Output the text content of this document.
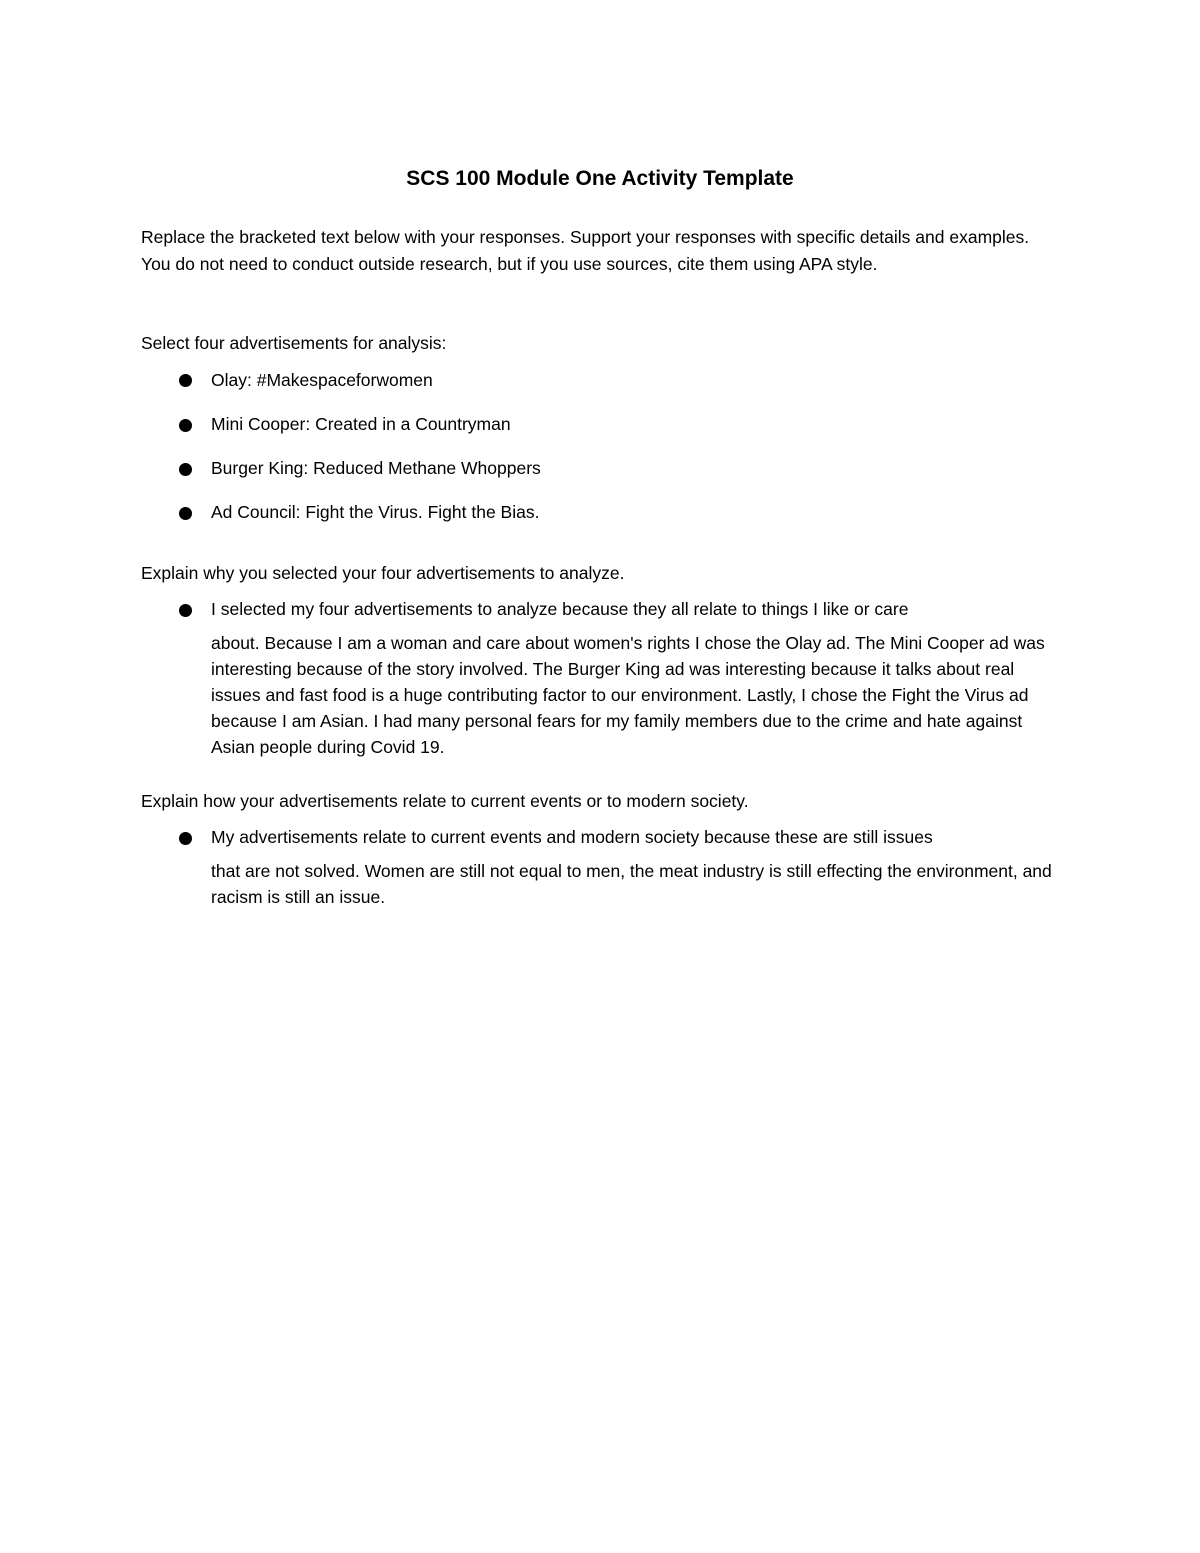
SCS 100 Module One Activity Template
Replace the bracketed text below with your responses. Support your responses with specific details and examples. You do not need to conduct outside research, but if you use sources, cite them using APA style.
Select four advertisements for analysis:
Olay: #Makespaceforwomen
Mini Cooper: Created in a Countryman
Burger King: Reduced Methane Whoppers
Ad Council: Fight the Virus. Fight the Bias.
Explain why you selected your four advertisements to analyze.
I selected my four advertisements to analyze because they all relate to things I like or care
about. Because I am a woman and care about women's rights I chose the Olay ad. The Mini Cooper ad was interesting because of the story involved. The Burger King ad was interesting because it talks about real issues and fast food is a huge contributing factor to our environment. Lastly, I chose the Fight the Virus ad because I am Asian. I had many personal fears for my family members due to the crime and hate against Asian people during Covid 19.
Explain how your advertisements relate to current events or to modern society.
My advertisements relate to current events and modern society because these are still issues
that are not solved. Women are still not equal to men, the meat industry is still effecting the environment, and racism is still an issue.
